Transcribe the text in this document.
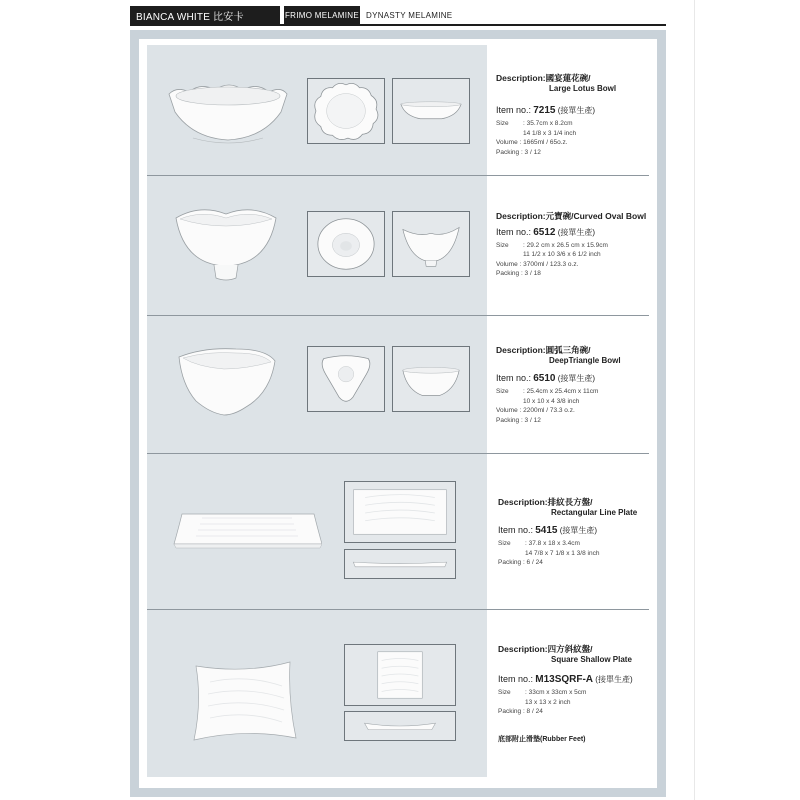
BIANCA WHITE 比安卡	FRIMO MELAMINE DYNASTY MELAMINE
Description:國宴蓮花碗/
Large Lotus Bowl
Item no.: 7215 (接單生產)
Size : 35.7cm x 8.2cm
14 1/8 x 3 1/4 inch
Volume : 1665ml / 65o.z.
Packing : 3 / 12
Description:元寶碗/Curved Oval Bowl
Item no.: 6512 (接單生產)
Size : 29.2 cm x 26.5 cm x 15.9cm
11 1/2 x 10 3/6 x 6 1/2 inch
Volume : 3700ml / 123.3 o.z.
Packing : 3 / 18
Description:圓弧三角碗/
DeepTriangle Bowl
Item no.: 6510 (接單生產)
Size : 25.4cm x 25.4cm x 11cm
10 x 10 x 4 3/8 inch
Volume : 2200ml / 73.3 o.z.
Packing : 3 / 12
Description:排紋長方盤/
Rectangular Line Plate
Item no.: 5415 (接單生產)
Size : 37.8 x 18 x 3.4cm
14 7/8 x 7 1/8 x 1 3/8 inch
Packing : 6 / 24
Description:四方斜紋盤/
Square Shallow Plate
Item no.: M13SQRF-A (接單生產)
Size : 33cm x 33cm x 5cm
13 x 13 x 2 inch
Packing : 8 / 24
底部附止滑墊(Rubber Feet)
